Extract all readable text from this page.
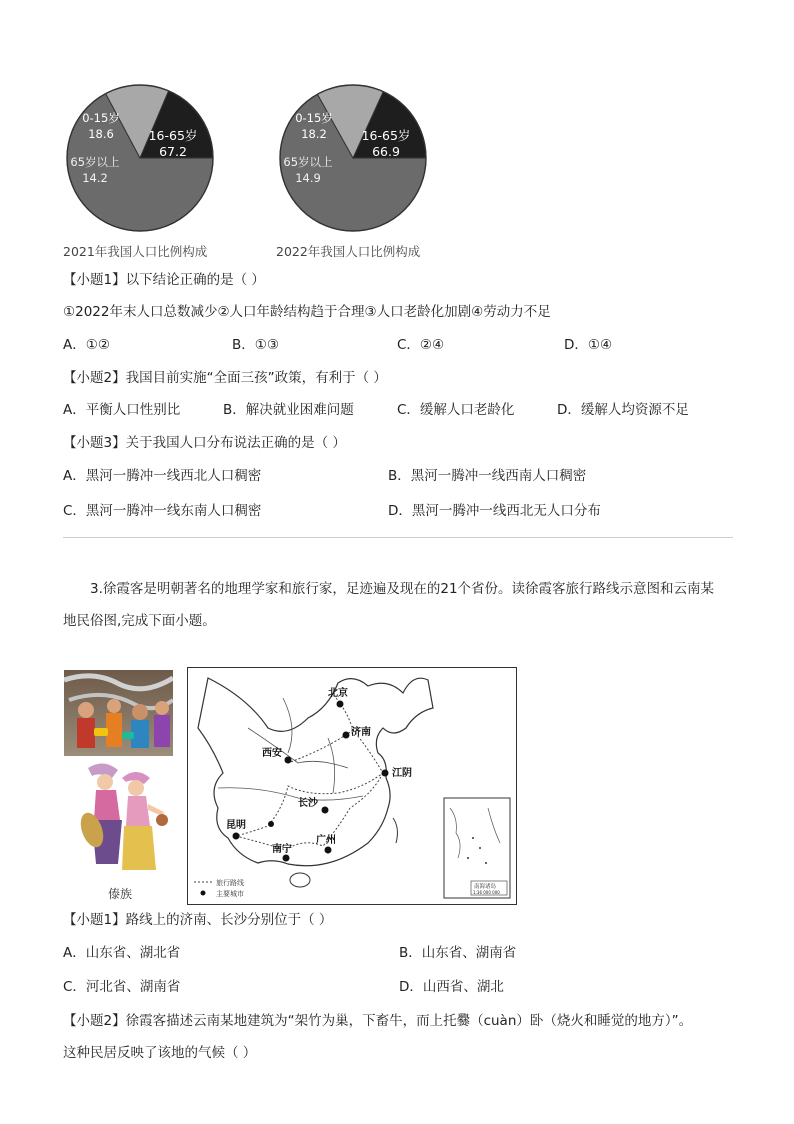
0-15岁
18.6	16-65岁
67.2
65岁以上
14.2
2021年我国人口比例构成
0-15岁
18.2	16-65岁
66.9
65岁以上
14.9
2022年我国人口比例构成
【小题1】以下结论正确的是（ ）
①2022年末人口总数减少②人口年龄结构趋于合理③人口老龄化加剧④劳动力不足
A．①②	B．①③	C．②④	D．①④
【小题2】我国目前实施“全面三孩”政策，有利于（ ）
A．平衡人口性别比	B．解决就业困难问题	C．缓解人口老龄化	D．缓解人均资源不足
【小题3】关于我国人口分布说法正确的是（ ）
A．黑河一腾冲一线西北人口稠密	B．黑河一腾冲一线西南人口稠密
C．黑河一腾冲一线东南人口稠密	D．黑河一腾冲一线西北无人口分布
3.徐霞客是明朝著名的地理学家和旅行家，足迹遍及现在的21个省份。读徐霞客旅行路线示意图和云南某
地民俗图,完成下面小题。
傣族
北京
济南
西安
江阴
长沙
昆明
广州
南宁
旅行路线
主要城市
南海诸岛
1:36 000 000
【小题1】路线上的济南、长沙分别位于（ ）
A．山东省、湖北省	B．山东省、湖南省
C．河北省、湖南省	D．山西省、湖北
【小题2】徐霞客描述云南某地建筑为“架竹为巢，下畜牛，而上托爨（cuàn）卧（烧火和睡觉的地方）”。
这种民居反映了该地的气候（ ）
